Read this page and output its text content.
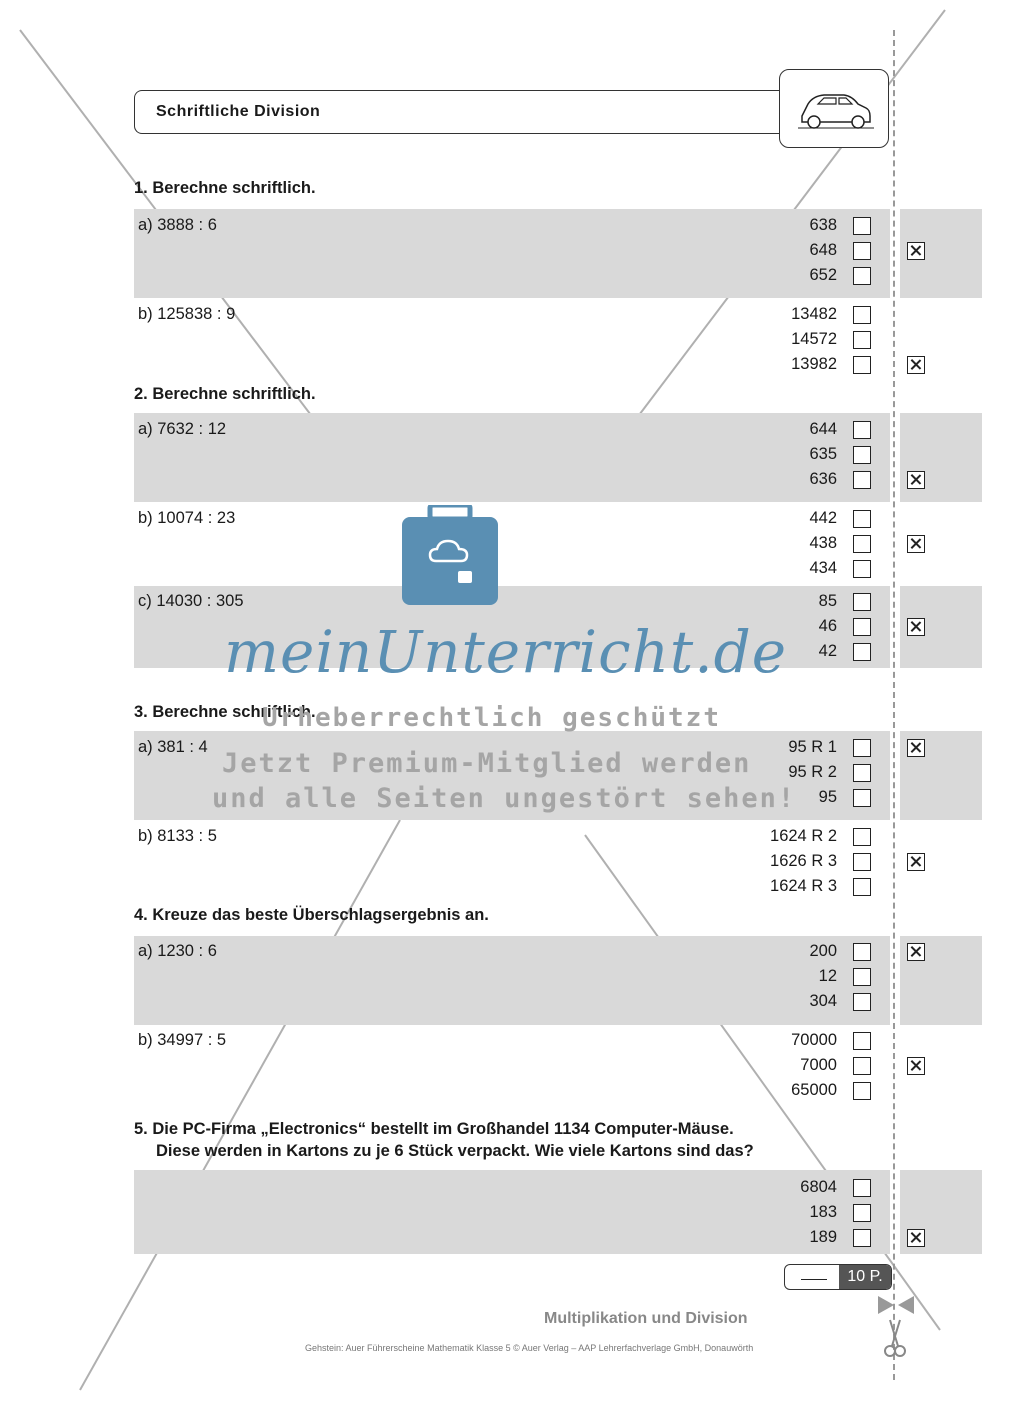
Schriftliche Division
1. Berechne schriftlich.
2. Berechne schriftlich.
3. Berechne schriftlich.
4. Kreuze das beste Überschlagsergebnis an.
5. Die PC-Firma „Electronics“ bestellt im Großhandel 1134 Computer-Mäuse.
Diese werden in Kartons zu je 6 Stück verpackt. Wie viele Kartons sind das?
a) 3888 : 6	638
648
652
b) 125838 : 9	13482
14572
13982
a) 7632 : 12	644
635
636
b) 10074 : 23	442
438
434
c) 14030 : 305	85
46
42
a) 381 : 4	95 R 1
95 R 2
95
b) 8133 : 5	1624 R 2
1626 R 3
1624 R 3
a) 1230 : 6	200
12
304
b) 34997 : 5	70000
7000
65000
6804
183
189
meinUnterricht.de
Urheberrechtlich geschützt
Jetzt Premium-Mitglied werden
und alle Seiten ungestört sehen!
10 P.
Multiplikation und Division
Gehstein: Auer Führerscheine Mathematik Klasse 5 © Auer Verlag – AAP Lehrerfachverlage GmbH, Donauwörth
